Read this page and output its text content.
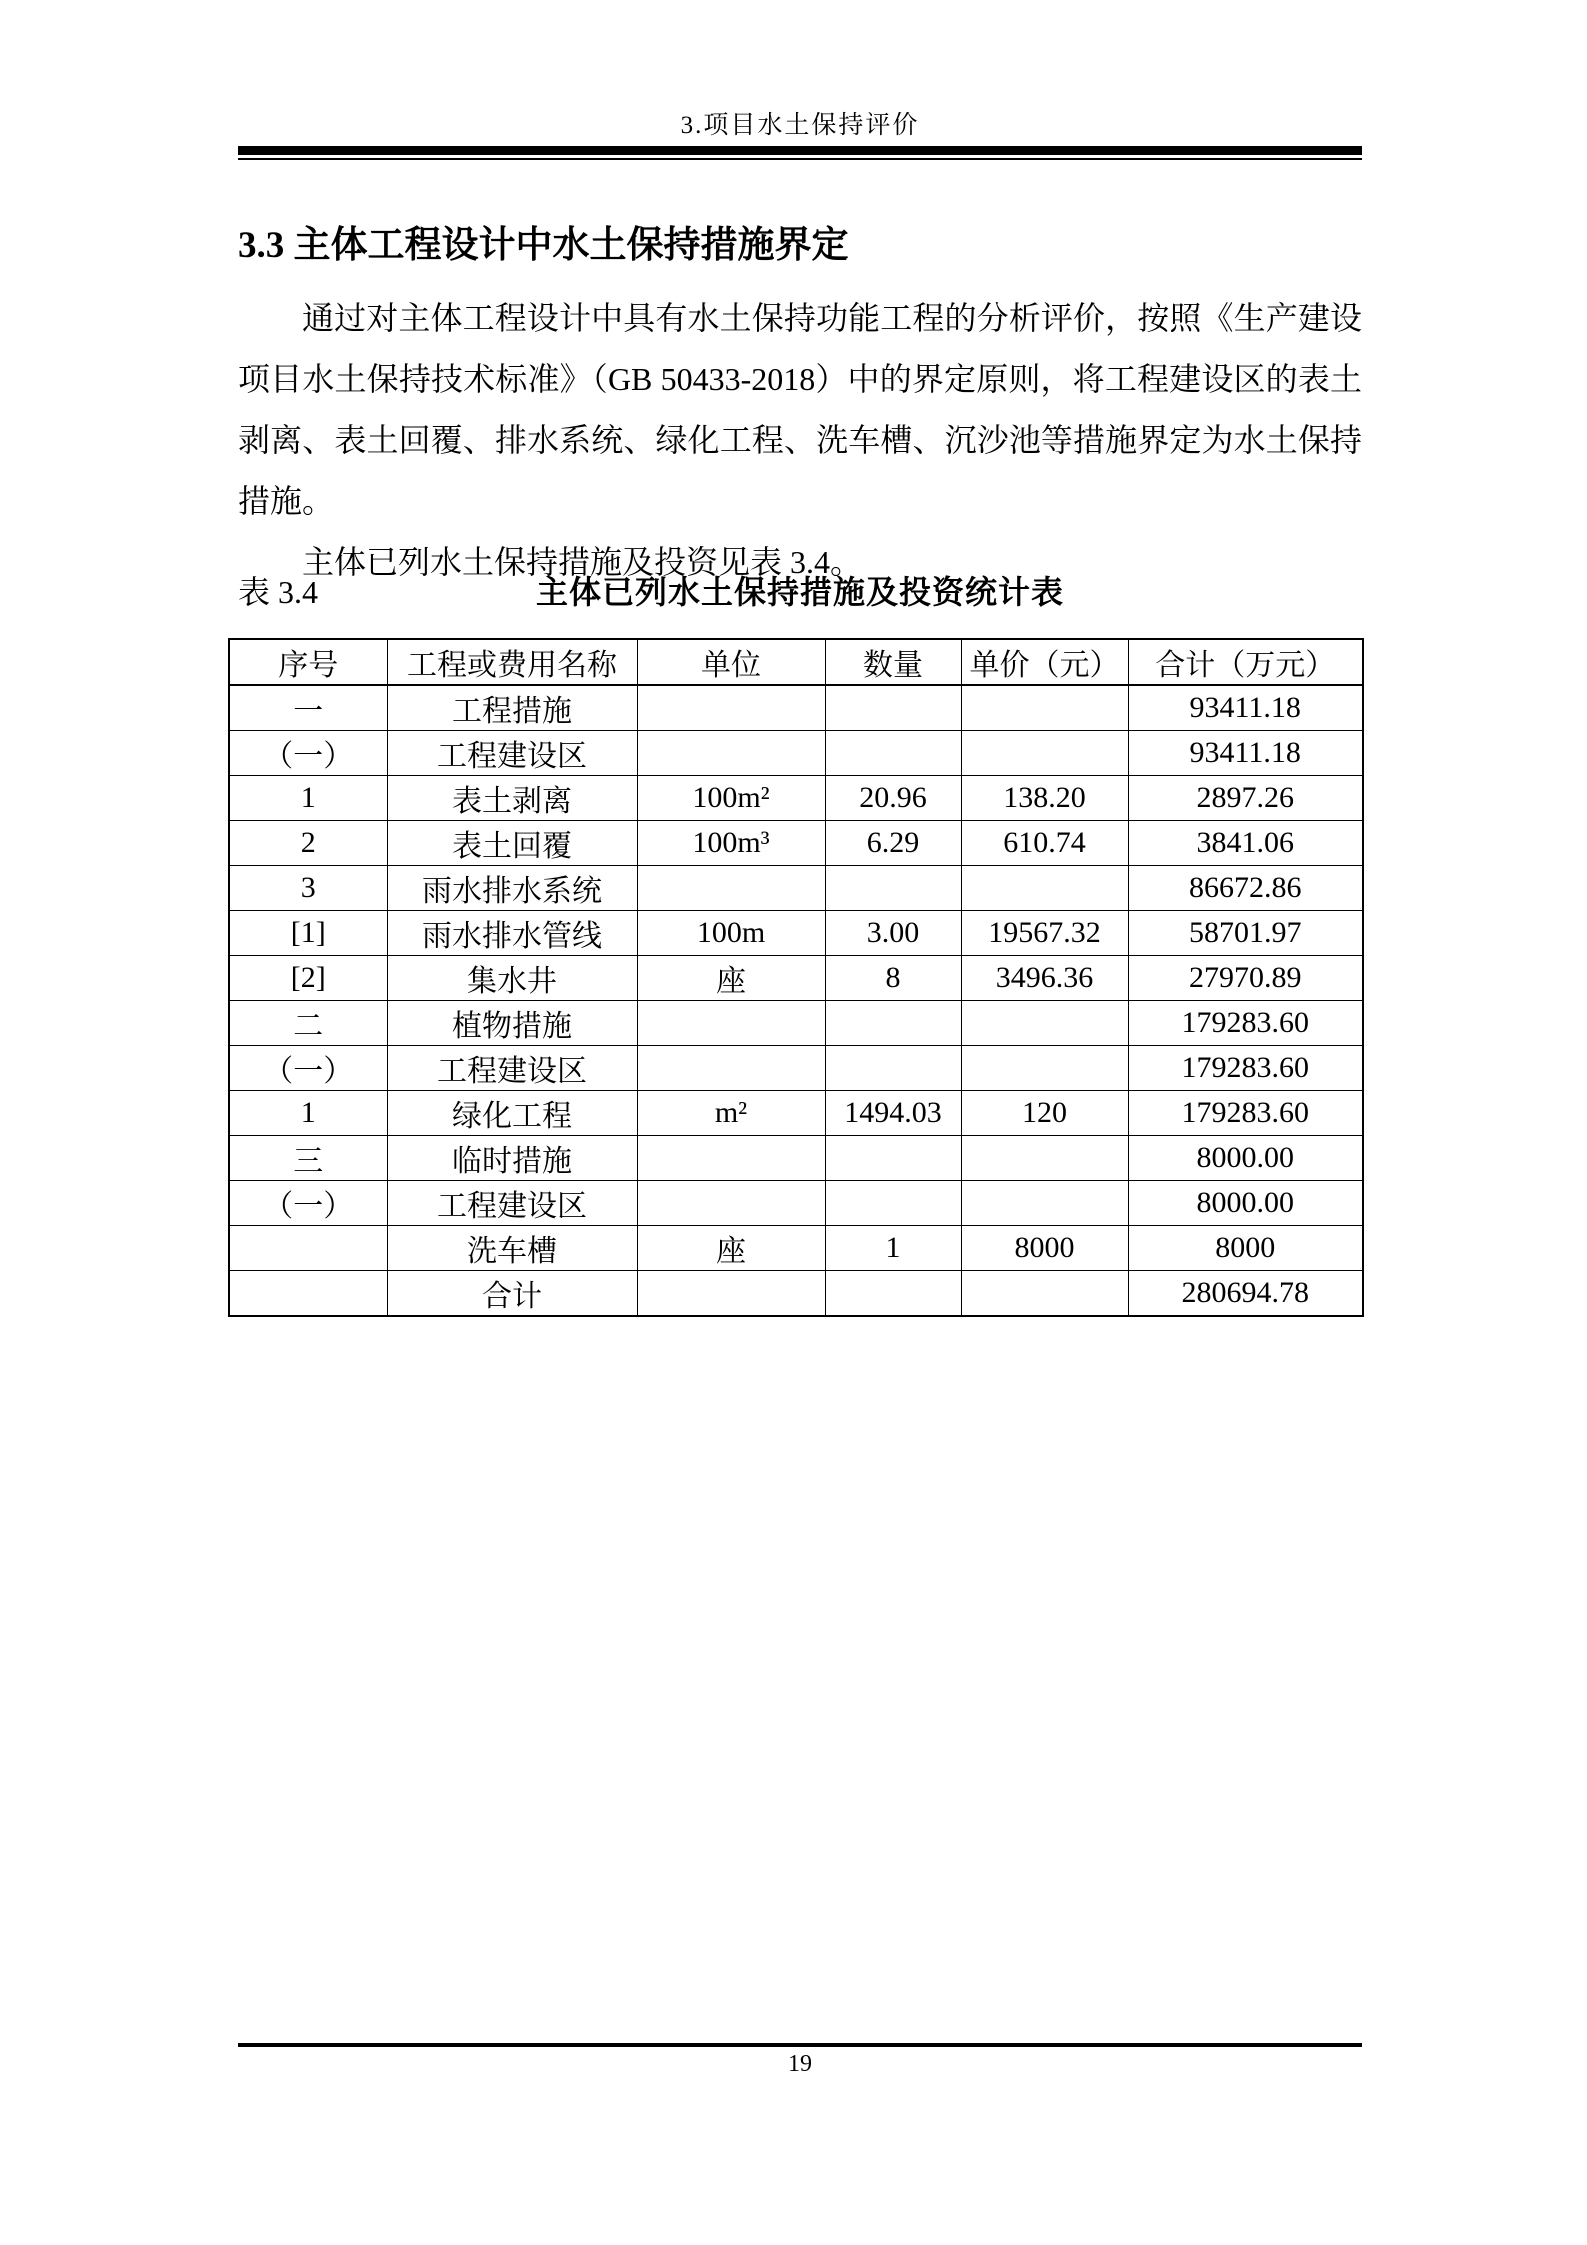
3.项目水土保持评价
3.3 主体工程设计中水土保持措施界定

通过对主体工程设计中具有水土保持功能工程的分析评价，按照《生产建设项目水土保持技术标准》（GB 50433-2018）中的界定原则，将工程建设区的表土剥离、表土回覆、排水系统、绿化工程、洗车槽、沉沙池等措施界定为水土保持措施。

主体已列水土保持措施及投资见表 3.4。

表 3.4	主体已列水土保持措施及投资统计表
序号	工程或费用名称	单位	数量	单价（元）	合计（万元）
一	工程措施				93411.18
（一）	工程建设区				93411.18
1	表土剥离	100m²	20.96	138.20	2897.26
2	表土回覆	100m³	6.29	610.74	3841.06
3	雨水排水系统				86672.86
[1]	雨水排水管线	100m	3.00	19567.32	58701.97
[2]	集水井	座	8	3496.36	27970.89
二	植物措施				179283.60
（一）	工程建设区				179283.60
1	绿化工程	m²	1494.03	120	179283.60
三	临时措施				8000.00
（一）	工程建设区				8000.00
	洗车槽	座	1	8000	8000
	合计				280694.78
19
